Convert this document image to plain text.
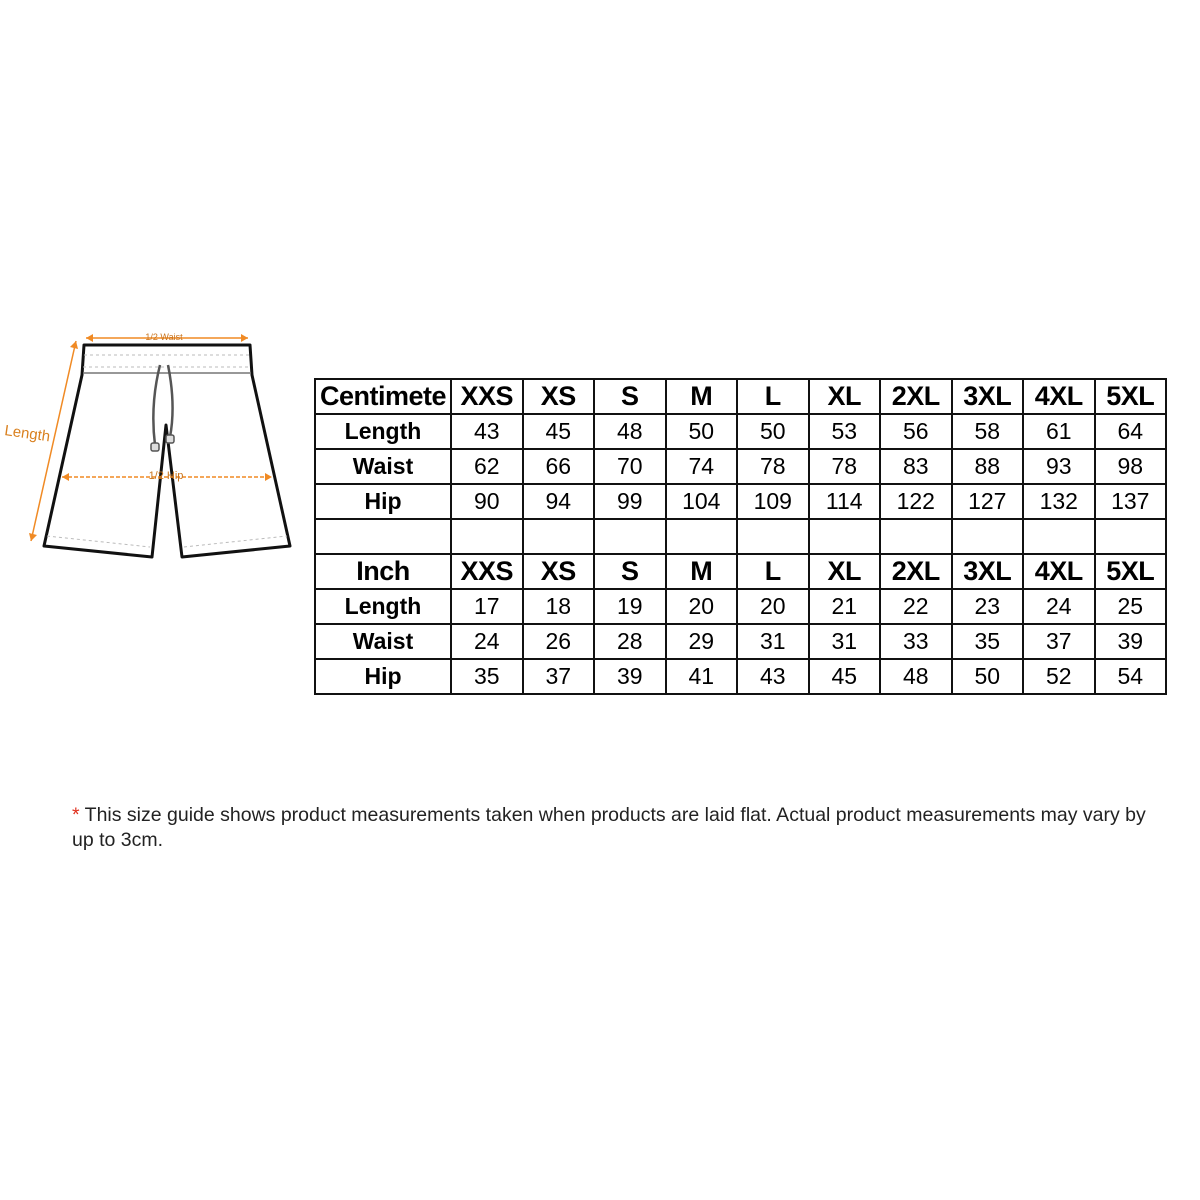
1/2 Waist
1/2 Hip
Length
Centimete	XXS	XS	S	M	L	XL	2XL	3XL	4XL	5XL
Length	43	45	48	50	50	53	56	58	61	64
Waist	62	66	70	74	78	78	83	88	93	98
Hip	90	94	99	104	109	114	122	127	132	137

Inch	XXS	XS	S	M	L	XL	2XL	3XL	4XL	5XL
Length	17	18	19	20	20	21	22	23	24	25
Waist	24	26	28	29	31	31	33	35	37	39
Hip	35	37	39	41	43	45	48	50	52	54
* This size guide shows product measurements taken when products are laid flat. Actual product measurements may vary by up to 3cm.
